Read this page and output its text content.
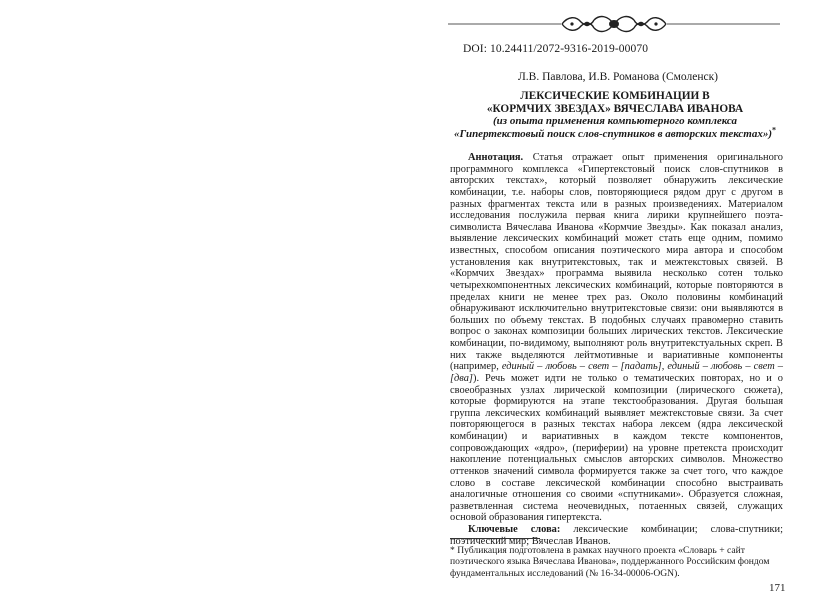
DOI: 10.24411/2072-9316-2019-00070
Л.В. Павлова, И.В. Романова (Смоленск)
ЛЕКСИЧЕСКИЕ КОМБИНАЦИИ В
«КОРМЧИХ ЗВЕЗДАХ» ВЯЧЕСЛАВА ИВАНОВА
(из опыта применения компьютерного комплекса
«Гипертекстовый поиск слов-спутников в авторских текстах»)*

Аннотация. Статья отражает опыт применения оригинального программного комплекса «Гипертекстовый поиск слов-спутников в авторских текстах», который позволяет обнаружить лексические комбинации, т.е. наборы слов, повторяющиеся рядом друг с другом в разных фрагментах текста или в разных произведениях. Материалом исследования послужила первая книга лирики крупнейшего поэта-символиста Вячеслава Иванова «Кормчие Звезды». Как показал анализ, выявление лексических комбинаций может стать еще одним, помимо известных, способом описания поэтического мира автора и способом установления как внутритекстовых, так и межтекстовых связей. В «Кормчих Звездах» программа выявила несколько сотен только четырехкомпонентных лексических комбинаций, которые повторяются в пределах книги не менее трех раз. Около половины комбинаций обнаруживают исключительно внутритекстовые связи: они выявляются в больших по объему текстах. В подобных случаях правомерно ставить вопрос о законах композиции больших лирических текстов. Лексические комбинации, по-видимому, выполняют роль внутритекстуальных скреп. В них также выделяются лейтмотивные и вариативные компоненты (например, единый – любовь – свет – [падать], единый – любовь – свет – [два]). Речь может идти не только о тематических повторах, но и о своеобразных узлах лирической композиции (лирического сюжета), которые формируются на этапе текстообразования. Другая большая группа лексических комбинаций выявляет межтекстовые связи. За счет повторяющегося в разных текстах набора лексем (ядра лексической комбинации) и вариативных в каждом тексте компонентов, сопровождающих «ядро», (периферии) на уровне претекста происходит накопление потенциальных смыслов авторских символов. Множество оттенков значений символа формируется также за счет того, что каждое слово в составе лексической комбинации способно выстраивать аналогичные отношения со своими «спутниками». Образуется сложная, разветвленная система неочевидных, потаенных связей, служащих основой образования гипертекста.

Ключевые слова: лексические комбинации; слова-спутники; поэтический мир; Вячеслав Иванов.

* Публикация подготовлена в рамках научного проекта «Словарь + сайт поэтического языка Вячеслава Иванова», поддержанного Российским фондом фундаментальных исследований (№ 16-34-00006-OGN).

171
